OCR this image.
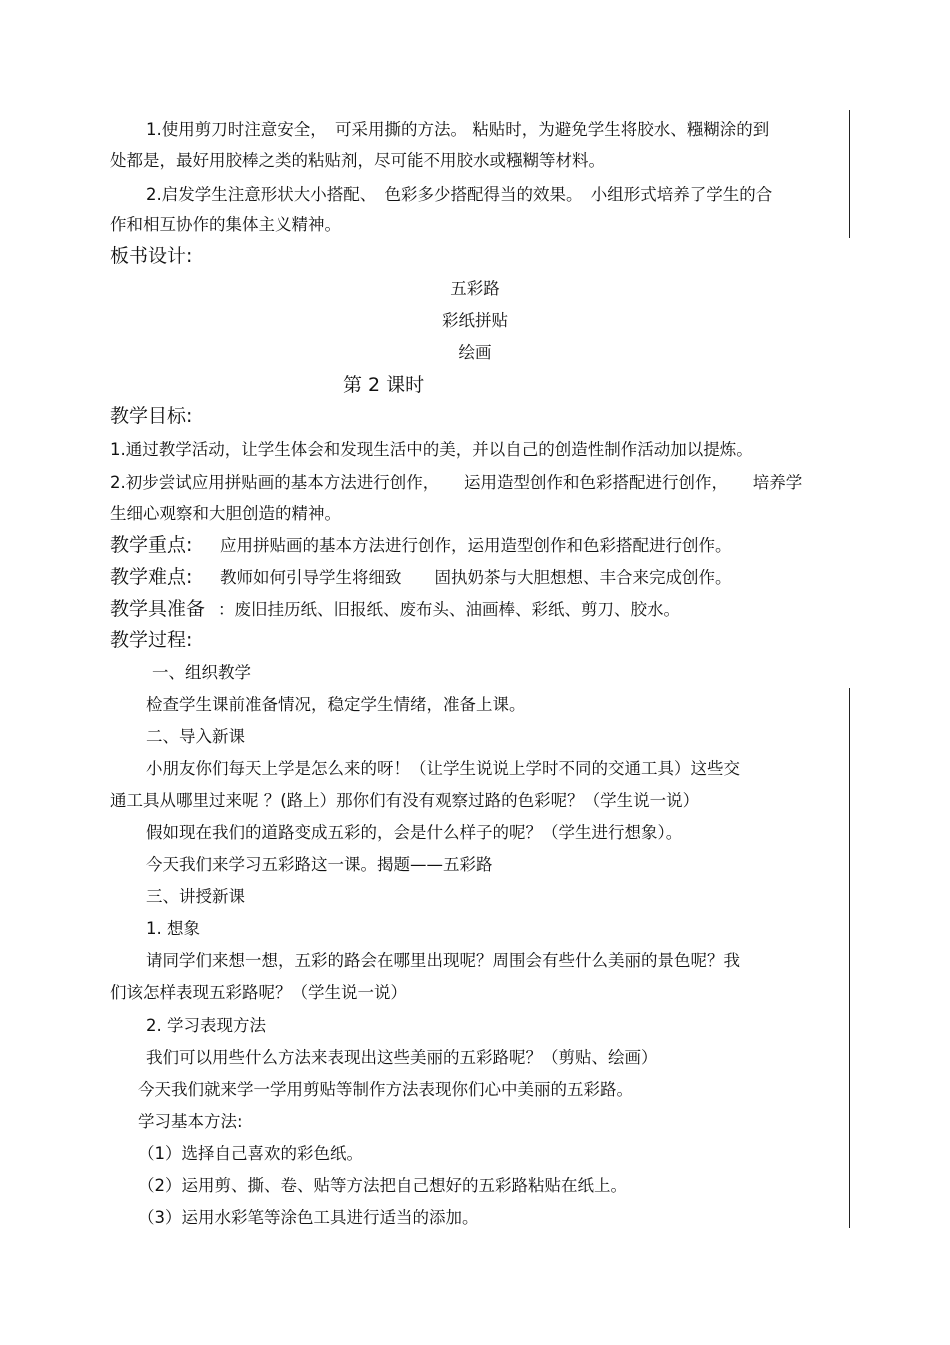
1.使用剪刀时注意安全，　可采用撕的方法。 粘贴时，为避免学生将胶水、糨糊涂的到
处都是，最好用胶棒之类的粘贴剂，尽可能不用胶水或糨糊等材料。
2.启发学生注意形状大小搭配、　色彩多少搭配得当的效果。　小组形式培养了学生的合
作和相互协作的集体主义精神。
板书设计:
五彩路
彩纸拼贴
绘画
第 2 课时
教学目标:
1.通过教学活动，让学生体会和发现生活中的美，并以自己的创造性制作活动加以提炼。
2.初步尝试应用拼贴画的基本方法进行创作，　　运用造型创作和色彩搭配进行创作，　　培养学
生细心观察和大胆创造的精神。
教学重点: 应用拼贴画的基本方法进行创作，运用造型创作和色彩搭配进行创作。
教学难点: 教师如何引导学生将细致　　固执奶茶与大胆想想、丰合来完成创作。
教学具准备 ：废旧挂历纸、旧报纸、废布头、油画棒、彩纸、剪刀、胶水。
教学过程:
一、组织教学
检查学生课前准备情况，稳定学生情绪，准备上课。
二、导入新课
小朋友你们每天上学是怎么来的呀！（让学生说说上学时不同的交通工具）这些交
通工具从哪里过来呢 ？(路上）那你们有没有观察过路的色彩呢？（学生说一说）
假如现在我们的道路变成五彩的，会是什么样子的呢？（学生进行想象）。
今天我们来学习五彩路这一课。揭题——五彩路
三、讲授新课
1. 想象
请同学们来想一想，五彩的路会在哪里出现呢？周围会有些什么美丽的景色呢？我
们该怎样表现五彩路呢？（学生说一说）
2. 学习表现方法
我们可以用些什么方法来表现出这些美丽的五彩路呢？（剪贴、绘画）
今天我们就来学一学用剪贴等制作方法表现你们心中美丽的五彩路。
学习基本方法:
（1）选择自己喜欢的彩色纸。
（2）运用剪、撕、卷、贴等方法把自己想好的五彩路粘贴在纸上。
（3）运用水彩笔等涂色工具进行适当的添加。
